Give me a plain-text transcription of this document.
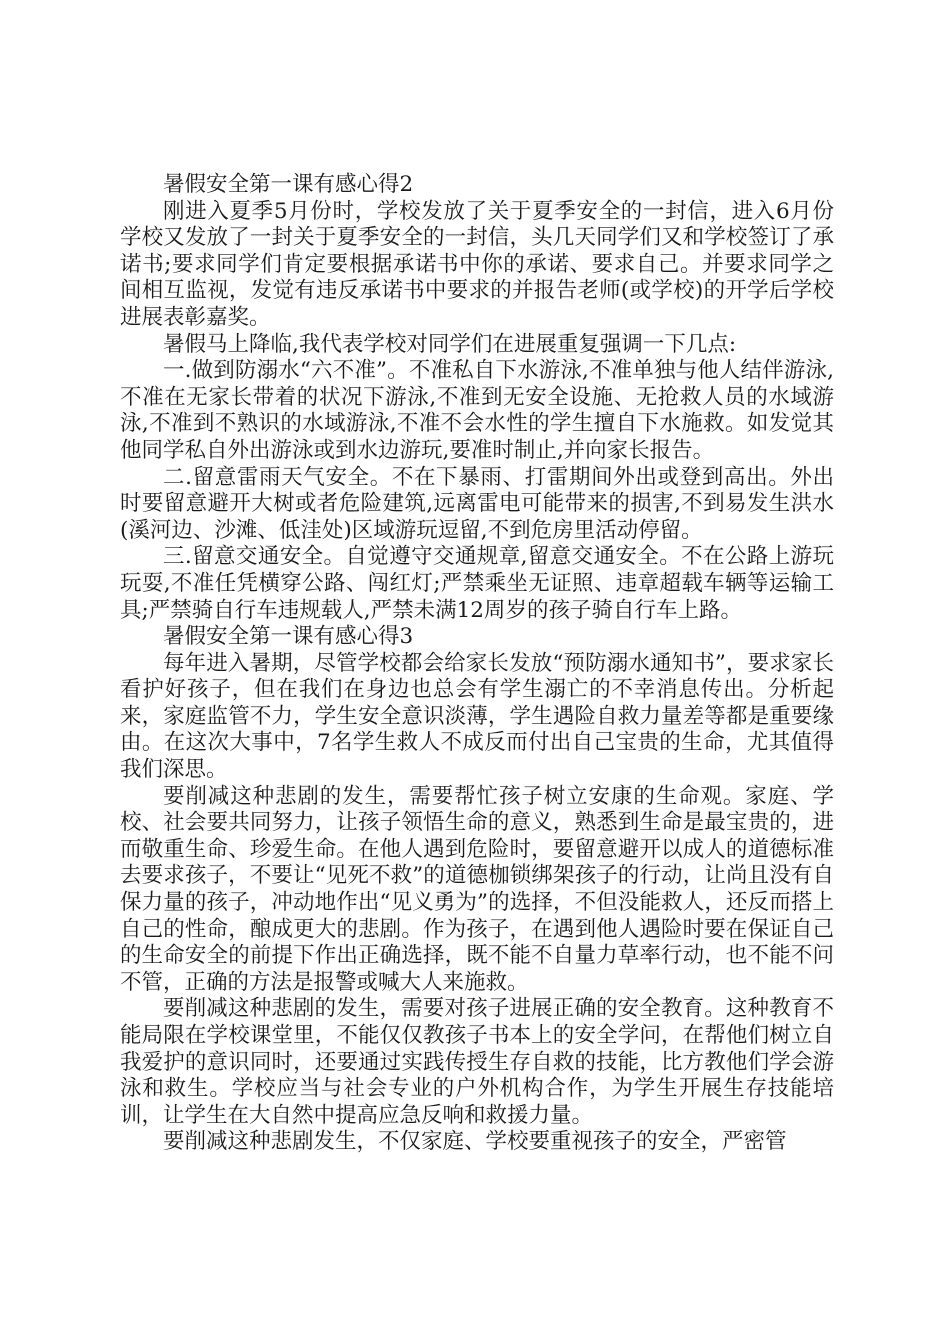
暑假安全第一课有感心得2

刚进入夏季5月份时，学校发放了关于夏季安全的一封信，进入6月份学校又发放了一封关于夏季安全的一封信，头几天同学们又和学校签订了承诺书;要求同学们肯定要根据承诺书中你的承诺、要求自己。并要求同学之间相互监视，发觉有违反承诺书中要求的并报告老师(或学校)的开学后学校进展表彰嘉奖。

暑假马上降临,我代表学校对同学们在进展重复强调一下几点:

一.做到防溺水“六不准”。不准私自下水游泳,不准单独与他人结伴游泳,不准在无家长带着的状况下游泳,不准到无安全设施、无抢救人员的水域游泳,不准到不熟识的水域游泳,不准不会水性的学生擅自下水施救。如发觉其他同学私自外出游泳或到水边游玩,要准时制止,并向家长报告。

二.留意雷雨天气安全。不在下暴雨、打雷期间外出或登到高出。外出时要留意避开大树或者危险建筑,远离雷电可能带来的损害,不到易发生洪水(溪河边、沙滩、低洼处)区域游玩逗留,不到危房里活动停留。

三.留意交通安全。自觉遵守交通规章,留意交通安全。不在公路上游玩玩耍,不准任凭横穿公路、闯红灯;严禁乘坐无证照、违章超载车辆等运输工具;严禁骑自行车违规载人,严禁未满12周岁的孩子骑自行车上路。

暑假安全第一课有感心得3

每年进入暑期，尽管学校都会给家长发放“预防溺水通知书”，要求家长看护好孩子，但在我们在身边也总会有学生溺亡的不幸消息传出。分析起来，家庭监管不力，学生安全意识淡薄，学生遇险自救力量差等都是重要缘由。在这次大事中，7名学生救人不成反而付出自己宝贵的生命，尤其值得我们深思。

要削减这种悲剧的发生，需要帮忙孩子树立安康的生命观。家庭、学校、社会要共同努力，让孩子领悟生命的意义，熟悉到生命是最宝贵的，进而敬重生命、珍爱生命。在他人遇到危险时，要留意避开以成人的道德标准去要求孩子，不要让“见死不救”的道德枷锁绑架孩子的行动，让尚且没有自保力量的孩子，冲动地作出“见义勇为”的选择，不但没能救人，还反而搭上自己的性命，酿成更大的悲剧。作为孩子，在遇到他人遇险时要在保证自己的生命安全的前提下作出正确选择，既不能不自量力草率行动，也不能不问不管，正确的方法是报警或喊大人来施救。

要削减这种悲剧的发生，需要对孩子进展正确的安全教育。这种教育不能局限在学校课堂里，不能仅仅教孩子书本上的安全学问，在帮他们树立自我爱护的意识同时，还要通过实践传授生存自救的技能，比方教他们学会游泳和救生。学校应当与社会专业的户外机构合作，为学生开展生存技能培训，让学生在大自然中提高应急反响和救援力量。

要削减这种悲剧发生，不仅家庭、学校要重视孩子的安全，严密管
